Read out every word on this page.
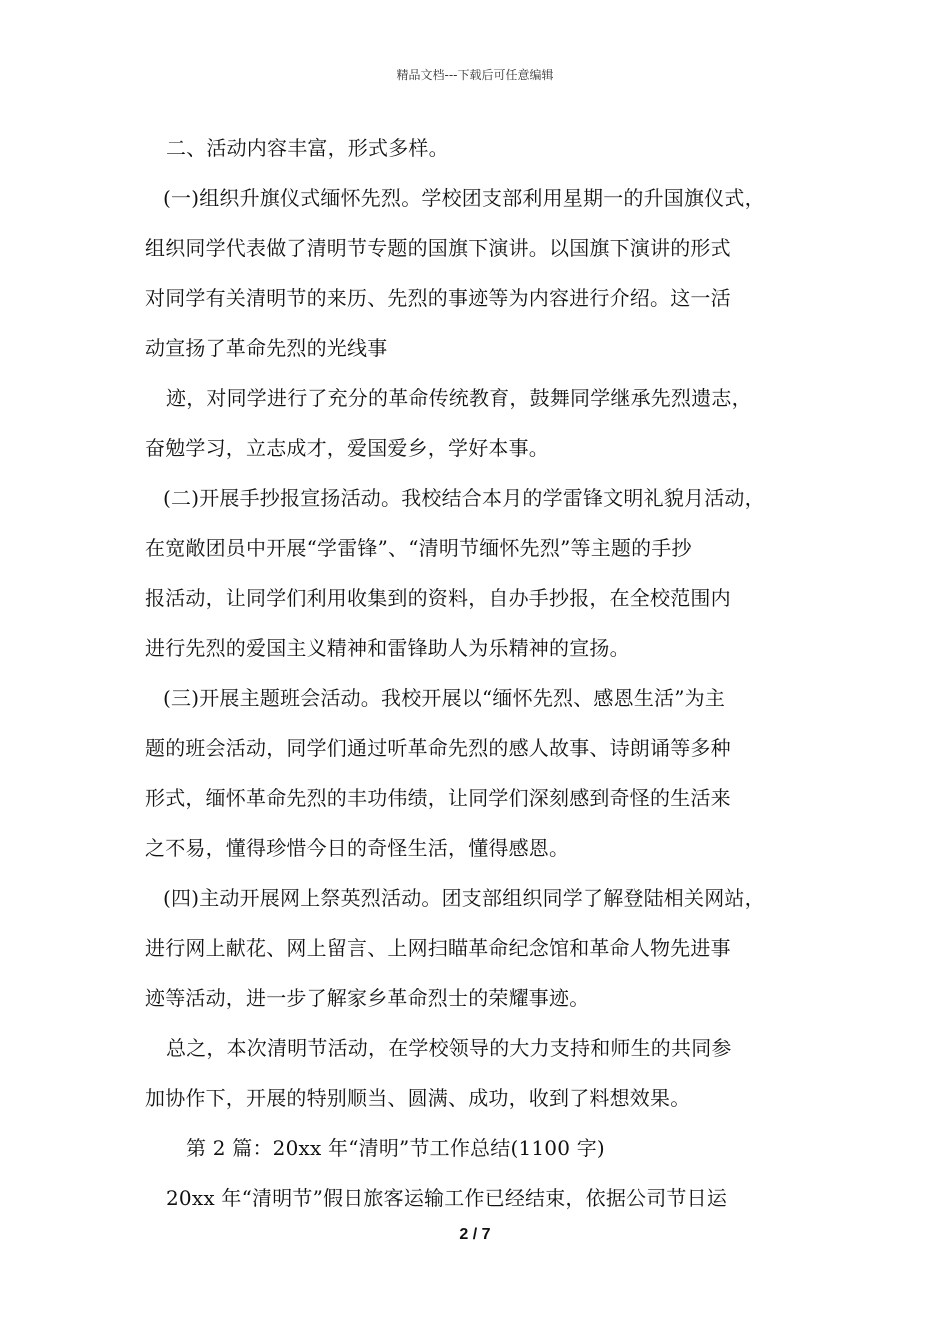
精品文档---下载后可任意编辑
二、活动内容丰富，形式多样。
(一)组织升旗仪式缅怀先烈。学校团支部利用星期一的升国旗仪式，
组织同学代表做了清明节专题的国旗下演讲。以国旗下演讲的形式
对同学有关清明节的来历、先烈的事迹等为内容进行介绍。这一活
动宣扬了革命先烈的光线事
迹，对同学进行了充分的革命传统教育，鼓舞同学继承先烈遗志，
奋勉学习，立志成才，爱国爱乡，学好本事。
(二)开展手抄报宣扬活动。我校结合本月的学雷锋文明礼貌月活动，
在宽敞团员中开展“学雷锋”、“清明节缅怀先烈”等主题的手抄
报活动，让同学们利用收集到的资料，自办手抄报，在全校范围内
进行先烈的爱国主义精神和雷锋助人为乐精神的宣扬。
(三)开展主题班会活动。我校开展以“缅怀先烈、感恩生活”为主
题的班会活动，同学们通过听革命先烈的感人故事、诗朗诵等多种
形式，缅怀革命先烈的丰功伟绩，让同学们深刻感到奇怪的生活来
之不易，懂得珍惜今日的奇怪生活，懂得感恩。
(四)主动开展网上祭英烈活动。团支部组织同学了解登陆相关网站，
进行网上献花、网上留言、上网扫瞄革命纪念馆和革命人物先进事
迹等活动，进一步了解家乡革命烈士的荣耀事迹。
总之，本次清明节活动，在学校领导的大力支持和师生的共同参
加协作下，开展的特别顺当、圆满、成功，收到了料想效果。
第 2 篇：20xx 年“清明”节工作总结(1100 字)
20xx 年“清明节”假日旅客运输工作已经结束，依据公司节日运
2 / 7
